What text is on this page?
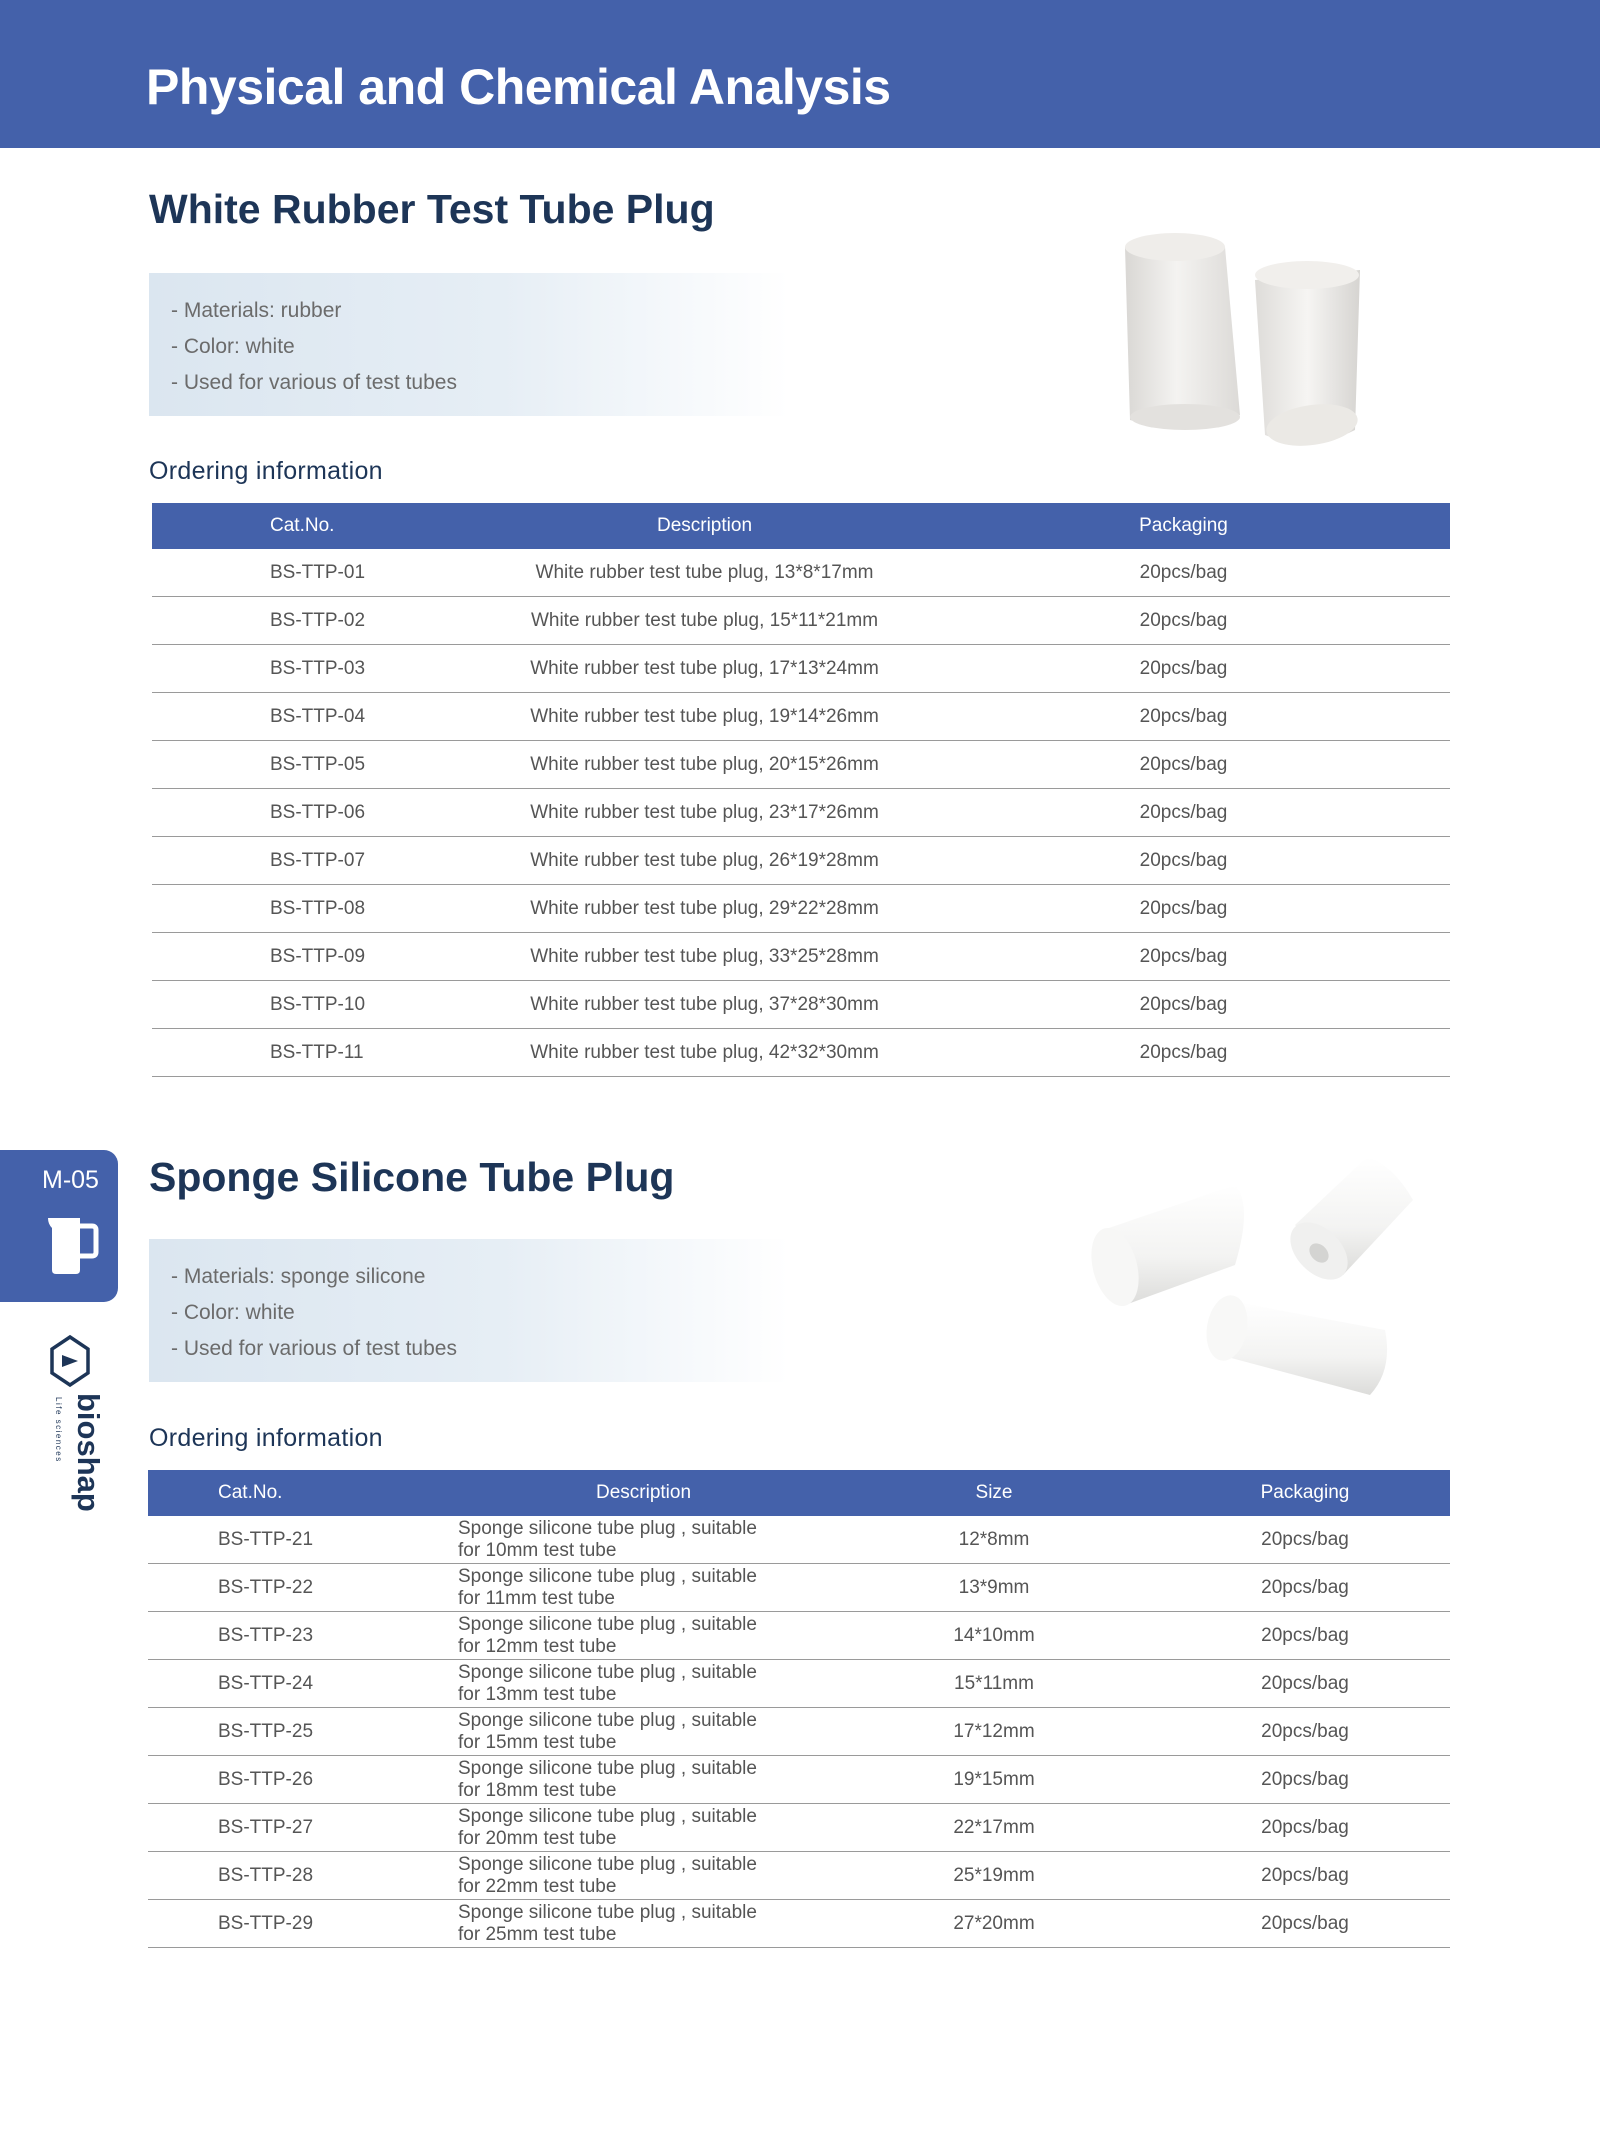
Physical and Chemical Analysis
White Rubber Test Tube Plug

- Materials: rubber

- Color: white

- Used for various of test tubes

Ordering information

Cat.No.	Description	Packaging
BS-TTP-01	White rubber test tube plug, 13*8*17mm	20pcs/bag
BS-TTP-02	White rubber test tube plug, 15*11*21mm	20pcs/bag
BS-TTP-03	White rubber test tube plug, 17*13*24mm	20pcs/bag
BS-TTP-04	White rubber test tube plug, 19*14*26mm	20pcs/bag
BS-TTP-05	White rubber test tube plug, 20*15*26mm	20pcs/bag
BS-TTP-06	White rubber test tube plug, 23*17*26mm	20pcs/bag
BS-TTP-07	White rubber test tube plug, 26*19*28mm	20pcs/bag
BS-TTP-08	White rubber test tube plug, 29*22*28mm	20pcs/bag
BS-TTP-09	White rubber test tube plug, 33*25*28mm	20pcs/bag
BS-TTP-10	White rubber test tube plug, 37*28*30mm	20pcs/bag
BS-TTP-11	White rubber test tube plug, 42*32*30mm	20pcs/bag

M-05

bioshap
Life sciences
Sponge Silicone Tube Plug

- Materials: sponge silicone

- Color: white

- Used for various of test tubes

Ordering information

Cat.No.	Description	Size	Packaging
BS-TTP-21	Sponge silicone tube plug , suitable for 10mm test tube	12*8mm	20pcs/bag
BS-TTP-22	Sponge silicone tube plug , suitable for 11mm test tube	13*9mm	20pcs/bag
BS-TTP-23	Sponge silicone tube plug , suitable for 12mm test tube	14*10mm	20pcs/bag
BS-TTP-24	Sponge silicone tube plug , suitable for 13mm test tube	15*11mm	20pcs/bag
BS-TTP-25	Sponge silicone tube plug , suitable for 15mm test tube	17*12mm	20pcs/bag
BS-TTP-26	Sponge silicone tube plug , suitable for 18mm test tube	19*15mm	20pcs/bag
BS-TTP-27	Sponge silicone tube plug , suitable for 20mm test tube	22*17mm	20pcs/bag
BS-TTP-28	Sponge silicone tube plug , suitable for 22mm test tube	25*19mm	20pcs/bag
BS-TTP-29	Sponge silicone tube plug , suitable for 25mm test tube	27*20mm	20pcs/bag
